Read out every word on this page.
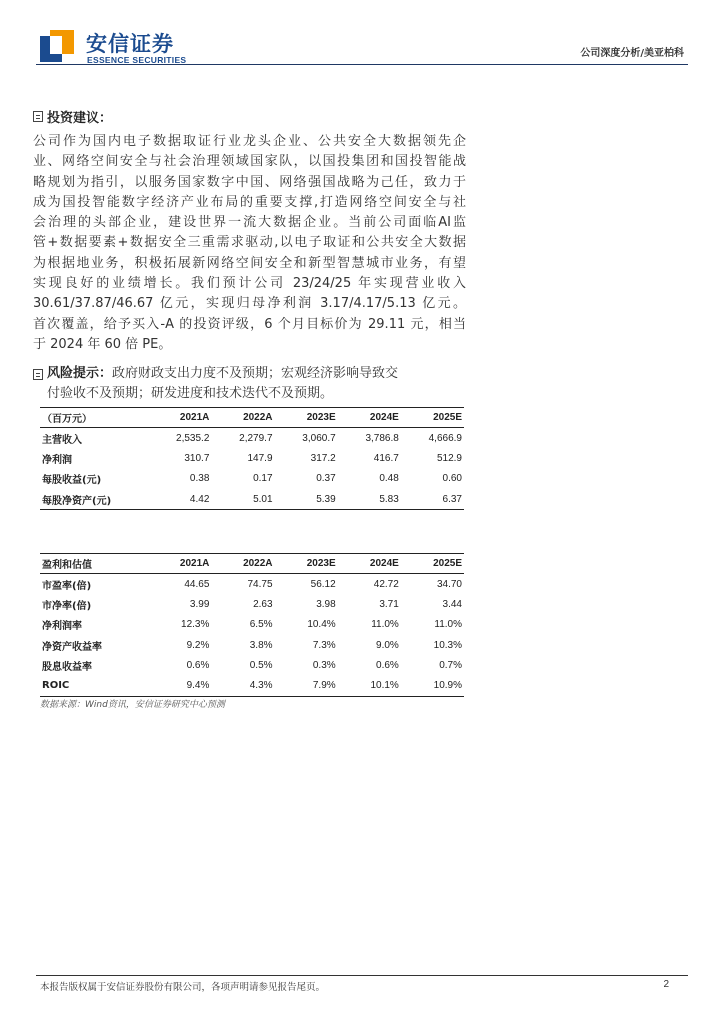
安信证券
ESSENCE SECURITIES
公司深度分析/美亚柏科
投资建议：
公司作为国内电子数据取证行业龙头企业、公共安全大数据领先企
业、网络空间安全与社会治理领域国家队，以国投集团和国投智能战
略规划为指引，以服务国家数字中国、网络强国战略为己任，致力于
成为国投智能数字经济产业布局的重要支撑,打造网络空间安全与社
会治理的头部企业，建设世界一流大数据企业。当前公司面临AI监
管+数据要素+数据安全三重需求驱动,以电子取证和公共安全大数据
为根据地业务，积极拓展新网络空间安全和新型智慧城市业务，有望
实现良好的业绩增长。我们预计公司 23/24/25 年实现营业收入
30.61/37.87/46.67 亿元，实现归母净利润 3.17/4.17/5.13 亿元。
首次覆盖，给予买入-A 的投资评级，6 个月目标价为 29.11 元，相当
于 2024 年 60 倍 PE。
风险提示： 政府财政支出力度不及预期；宏观经济影响导致交
付验收不及预期；研发进度和技术迭代不及预期。
（百万元）	2021A	2022A	2023E	2024E	2025E
主营收入	2,535.2	2,279.7	3,060.7	3,786.8	4,666.9
净利润	310.7	147.9	317.2	416.7	512.9
每股收益(元)	0.38	0.17	0.37	0.48	0.60
每股净资产(元)	4.42	5.01	5.39	5.83	6.37
盈利和估值	2021A	2022A	2023E	2024E	2025E
市盈率(倍)	44.65	74.75	56.12	42.72	34.70
市净率(倍)	3.99	2.63	3.98	3.71	3.44
净利润率	12.3%	6.5%	10.4%	11.0%	11.0%
净资产收益率	9.2%	3.8%	7.3%	9.0%	10.3%
股息收益率	0.6%	0.5%	0.3%	0.6%	0.7%
ROIC	9.4%	4.3%	7.9%	10.1%	10.9%
数据来源：Wind资讯，安信证券研究中心预测
本报告版权属于安信证券股份有限公司，各项声明请参见报告尾页。	2
